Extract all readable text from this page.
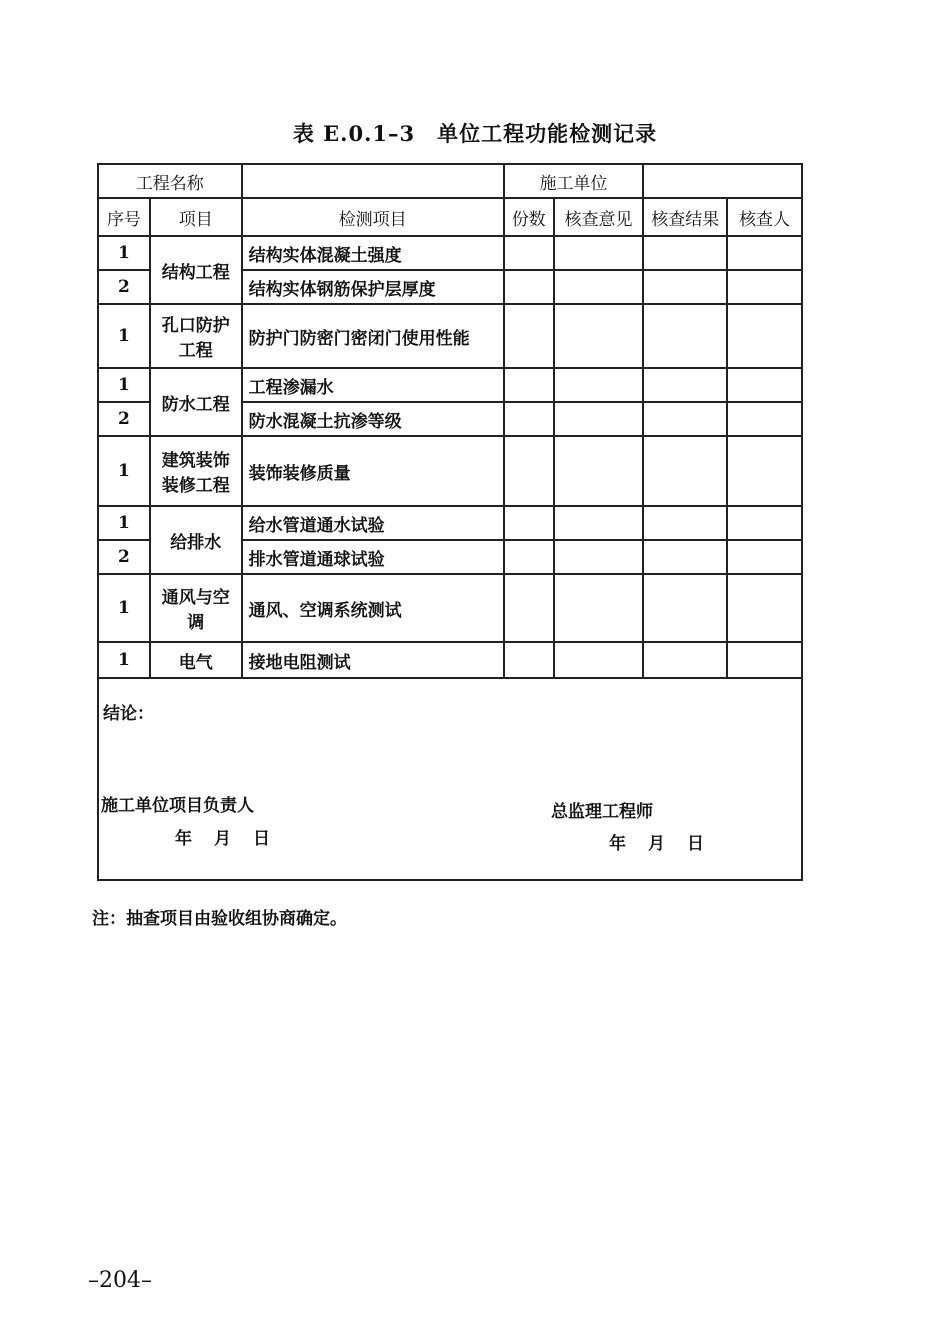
表 E.0.1–3 单位工程功能检测记录
工程名称			施工单位			
序号	项目	检测项目	份数	核查意见	核查结果	核查人
1	结构工程	结构实体混凝土强度				
2		结构实体钢筋保护层厚度				
1	孔口防护工程	防护门防密门密闭门使用性能				
1	防水工程	工程渗漏水				
2		防水混凝土抗渗等级				
1	建筑装饰装修工程	装饰装修质量				
1	给排水	给水管道通水试验				
2		排水管道通球试验				
1	通风与空调	通风、空调系统测试				
1	电气	接地电阻测试				

结论：
施工单位项目负责人
年 月 日
总监理工程师
年 月 日						
注：抽查项目由验收组协商确定。
–204–
